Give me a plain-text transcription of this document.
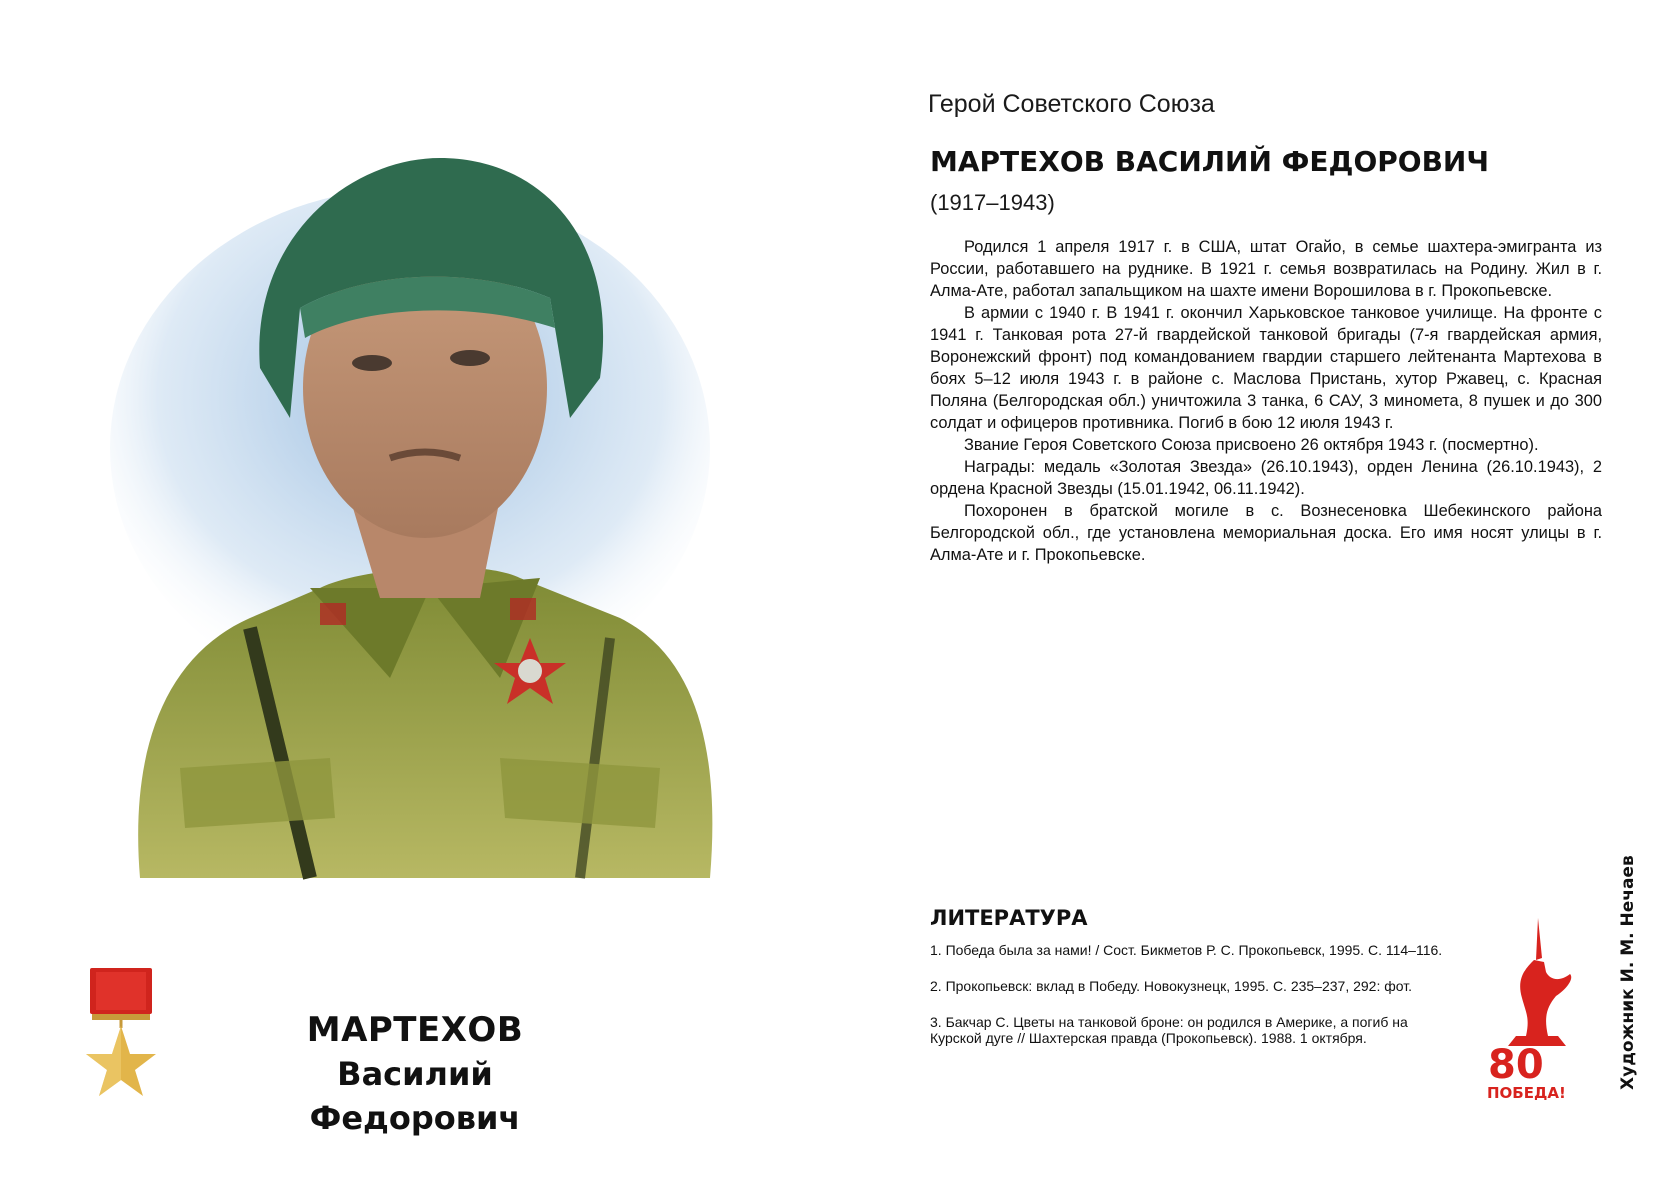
МАРТЕХОВ
Василий Федорович
Герой Советского Союза
МАРТЕХОВ ВАСИЛИЙ ФЕДОРОВИЧ
(1917–1943)

Родился 1 апреля 1917 г. в США, штат Огайо, в семье шахтера-эмигранта из России, работавшего на руднике. В 1921 г. семья возвратилась на Родину. Жил в г. Алма-Ате, работал запальщиком на шахте имени Ворошилова в г. Прокопьевске.

В армии с 1940 г. В 1941 г. окончил Харьковское танковое училище. На фронте с 1941 г. Танковая рота 27-й гвардейской танковой бригады (7-я гвардейская армия, Воронежский фронт) под командованием гвардии старшего лейтенанта Мартехова в боях 5–12 июля 1943 г. в районе с. Маслова Пристань, хутор Ржавец, с. Красная Поляна (Белгородская обл.) уничтожила 3 танка, 6 САУ, 3 миномета, 8 пушек и до 300 солдат и офицеров противника. Погиб в бою 12 июля 1943 г.

Звание Героя Советского Союза присвоено 26 октября 1943 г. (посмертно).

Награды: медаль «Золотая Звезда» (26.10.1943), орден Ленина (26.10.1943), 2 ордена Красной Звезды (15.01.1942, 06.11.1942).

Похоронен в братской могиле в с. Вознесеновка Шебекинского района Белгородской обл., где установлена мемориальная доска. Его имя носят улицы в г. Алма-Ате и г. Прокопьевске.

ЛИТЕРАТУРА
1. Победа была за нами! / Сост. Бикметов Р. С. Прокопьевск, 1995. С. 114–116.
2. Прокопьевск: вклад в Победу. Новокузнецк, 1995. С. 235–237, 292: фот.
3. Бакчар С. Цветы на танковой броне: он родился в Америке, а погиб на Курской дуге // Шахтерская правда (Прокопьевск). 1988. 1 октября.
80
ПОБЕДА!
Художник И. М. Нечаев
